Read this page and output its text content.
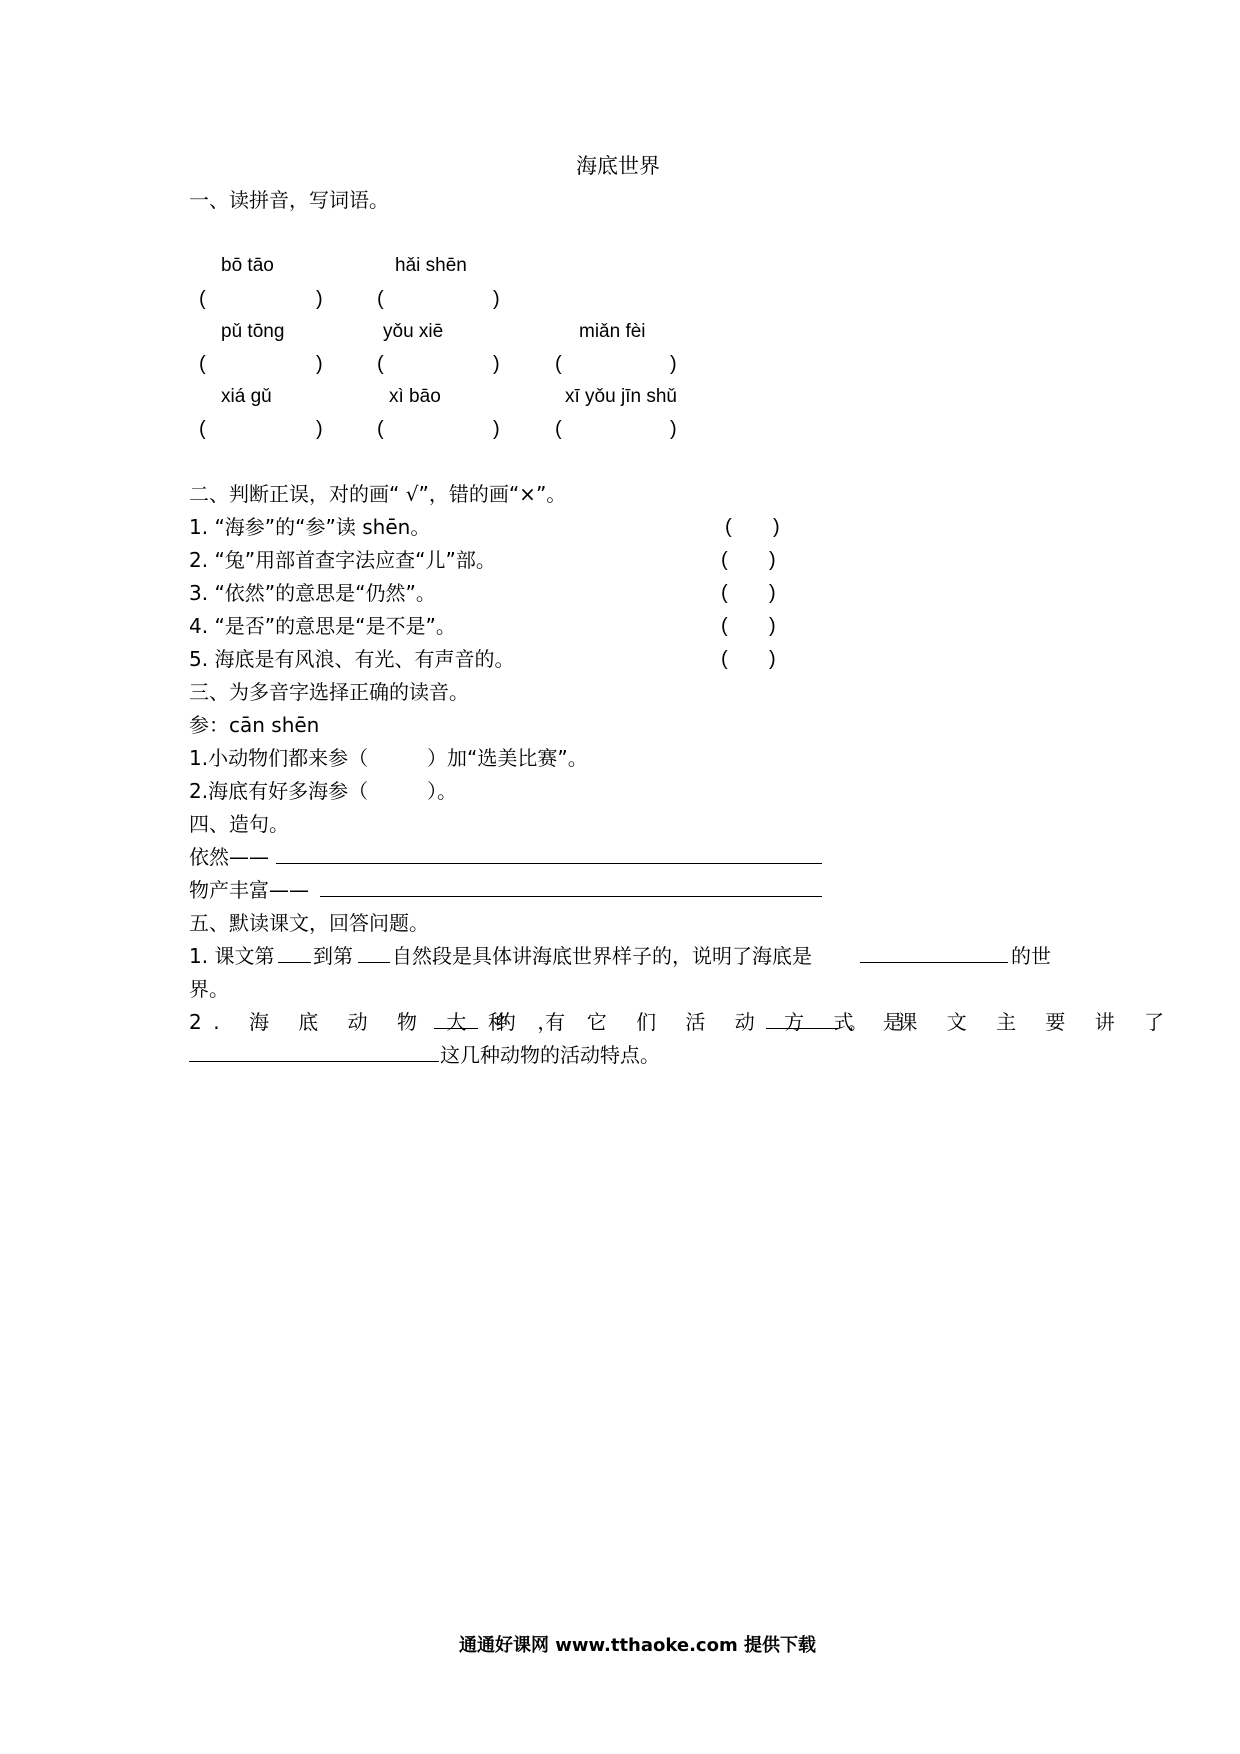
海底世界
一、读拼音，写词语。
bō tāo	hǎi shēn
(	)	(	)
pǔ tōng	yǒu xiē	miǎn fèi
(	)	(	)	(	)
xiá gǔ	xì bāo	xī yǒu jīn shǔ
(	)	(	)	(	)
二、判断正误，对的画“ √”，错的画“×”。
1. “海参”的“参”读 shēn。	( )
2. “兔”用部首查字法应查“儿”部。	( )
3. “依然”的意思是“仍然”。	( )
4. “是否”的意思是“是不是”。	( )
5. 海底是有风浪、有光、有声音的。	( )
三、为多音字选择正确的读音。
参：cān shēn
1.小动物们都来参（	）加“选美比赛”。
2.海底有好多海参（	）。
四、造句。
依然——
物产丰富——
五、默读课文，回答问题。
1. 课文第 到第 自然段是具体讲海底世界样子的，说明了海底是	的世
界。
2. 海 底 动 物 大 约 有
种 ， 它 们 活 动 方 式 是
。 课 文 主 要 讲 了
这几种动物的活动特点。
通通好课网 www.tthaoke.com 提供下载
